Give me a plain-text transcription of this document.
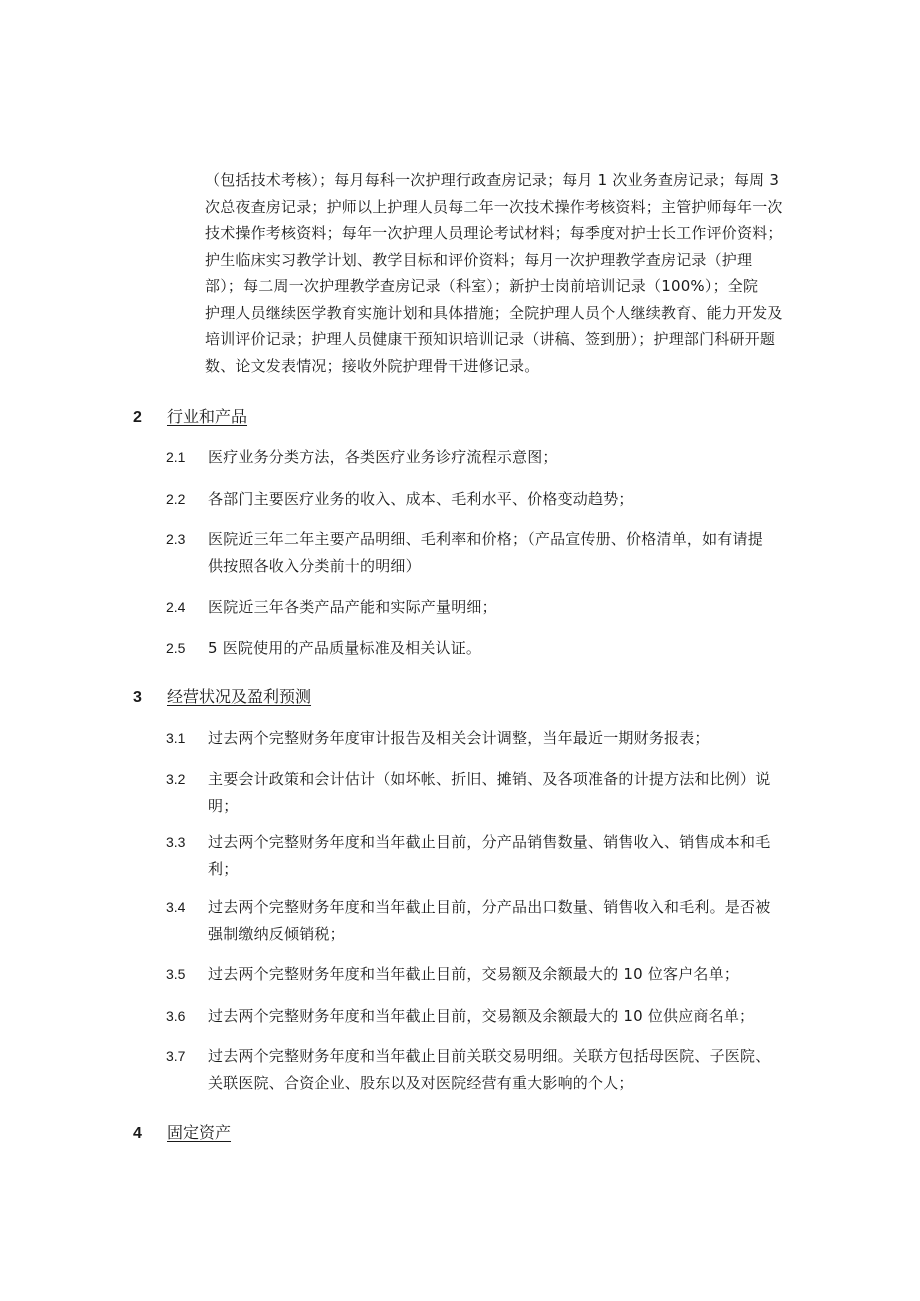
（包括技术考核）；每月每科一次护理行政查房记录；每月 1 次业务查房记录；每周 3
次总夜查房记录；护师以上护理人员每二年一次技术操作考核资料；主管护师每年一次
技术操作考核资料；每年一次护理人员理论考试材料；每季度对护士长工作评价资料；
护生临床实习教学计划、教学目标和评价资料；每月一次护理教学查房记录（护理
部）；每二周一次护理教学查房记录（科室）；新护士岗前培训记录（100%）；全院
护理人员继续医学教育实施计划和具体措施；全院护理人员个人继续教育、能力开发及
培训评价记录；护理人员健康干预知识培训记录（讲稿、签到册）；护理部门科研开题
数、论文发表情况；接收外院护理骨干进修记录。
2 行业和产品
2.1	医疗业务分类方法，各类医疗业务诊疗流程示意图；
2.2	各部门主要医疗业务的收入、成本、毛利水平、价格变动趋势；
2.3	医院近三年二年主要产品明细、毛利率和价格；（产品宣传册、价格清单，如有请提
供按照各收入分类前十的明细）
2.4	医院近三年各类产品产能和实际产量明细；
2.5	5 医院使用的产品质量标准及相关认证。
3 经营状况及盈利预测
3.1	过去两个完整财务年度审计报告及相关会计调整，当年最近一期财务报表；
3.2	主要会计政策和会计估计（如坏帐、折旧、摊销、及各项准备的计提方法和比例）说
明；
3.3	过去两个完整财务年度和当年截止目前，分产品销售数量、销售收入、销售成本和毛
利；
3.4	过去两个完整财务年度和当年截止目前，分产品出口数量、销售收入和毛利。是否被
强制缴纳反倾销税；
3.5	过去两个完整财务年度和当年截止目前，交易额及余额最大的 10 位客户名单；
3.6	过去两个完整财务年度和当年截止目前，交易额及余额最大的 10 位供应商名单；
3.7	过去两个完整财务年度和当年截止目前关联交易明细。关联方包括母医院、子医院、
关联医院、合资企业、股东以及对医院经营有重大影响的个人；
4 固定资产
